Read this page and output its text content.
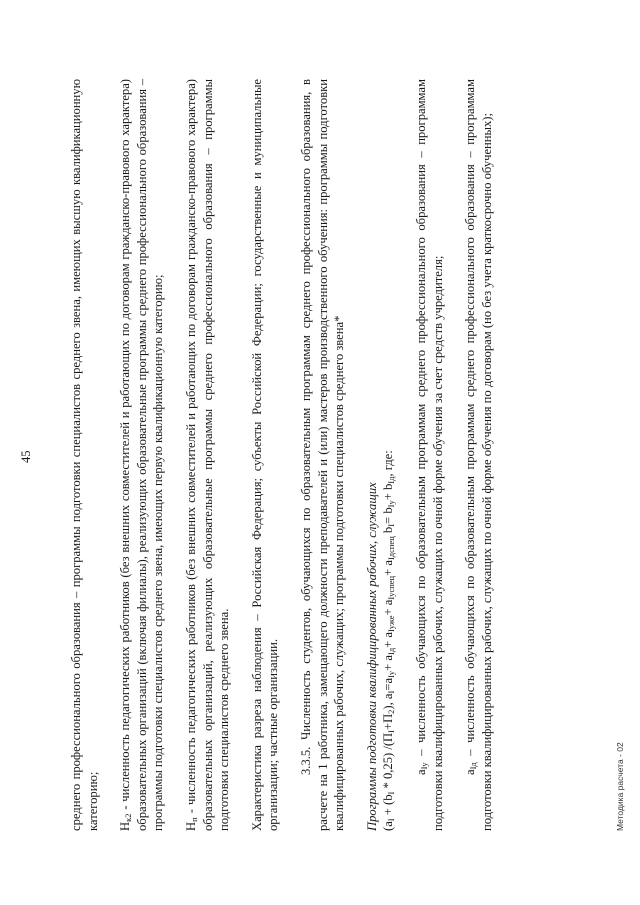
45	среднего профессионального образования – программы подготовки специалистов среднего звена, имеющих высшую квалификационную категорию; $Н_{к2}$ - численность педагогических работников (без внешних совместителей и работающих по договорам гражданско-правового характера) образовательных организаций (включая филиалы), реализующих образовательные программы среднего профессионального образования – программы подготовки специалистов среднего звена, имеющих первую квалификационную категорию; $Н_п$ - численность педагогических работников (без внешних совместителей и работающих по договорам гражданско-правового характера) образовательных организаций, реализующих образовательные программы среднего профессионального образования – программы подготовки специалистов среднего звена. Характеристика разреза наблюдения – Российская Федерация; субъекты Российской Федерации; государственные и муниципальные организации; частные организации. 3.3.5. Численность студентов, обучающихся по образовательным программам среднего профессионального образования, в расчете на 1 работника, замещающего должности преподавателей и (или) мастеров производственного обучения: программы подготовки квалифицированных рабочих, служащих; программы подготовки специалистов среднего звена* Программы подготовки квалифицированных рабочих, служащих ($a_I + (b_I * 0,25)$ $/(П_I+П_2)$, $a_I=a_{Iу}+ a_{Iд}+ a_{Iуже}+ a_{Iуспец}+ a_{Iдспец}$ $b_I= b_{Iу}+ b_{Iд}$, где:

$a_{Iу}$ – численность обучающихся по образовательным программам среднего профессионального образования – программам подготовки квалифицированных рабочих, служащих по очной форме обучения за счет средств учредителя; $a_{Iд}$ – численность обучающихся по образовательным программам среднего профессионального образования – программам подготовки квалифицированных рабочих, служащих по очной форме обучения по договорам (но без учета краткосрочно обученных);	Методика расчета - 02
